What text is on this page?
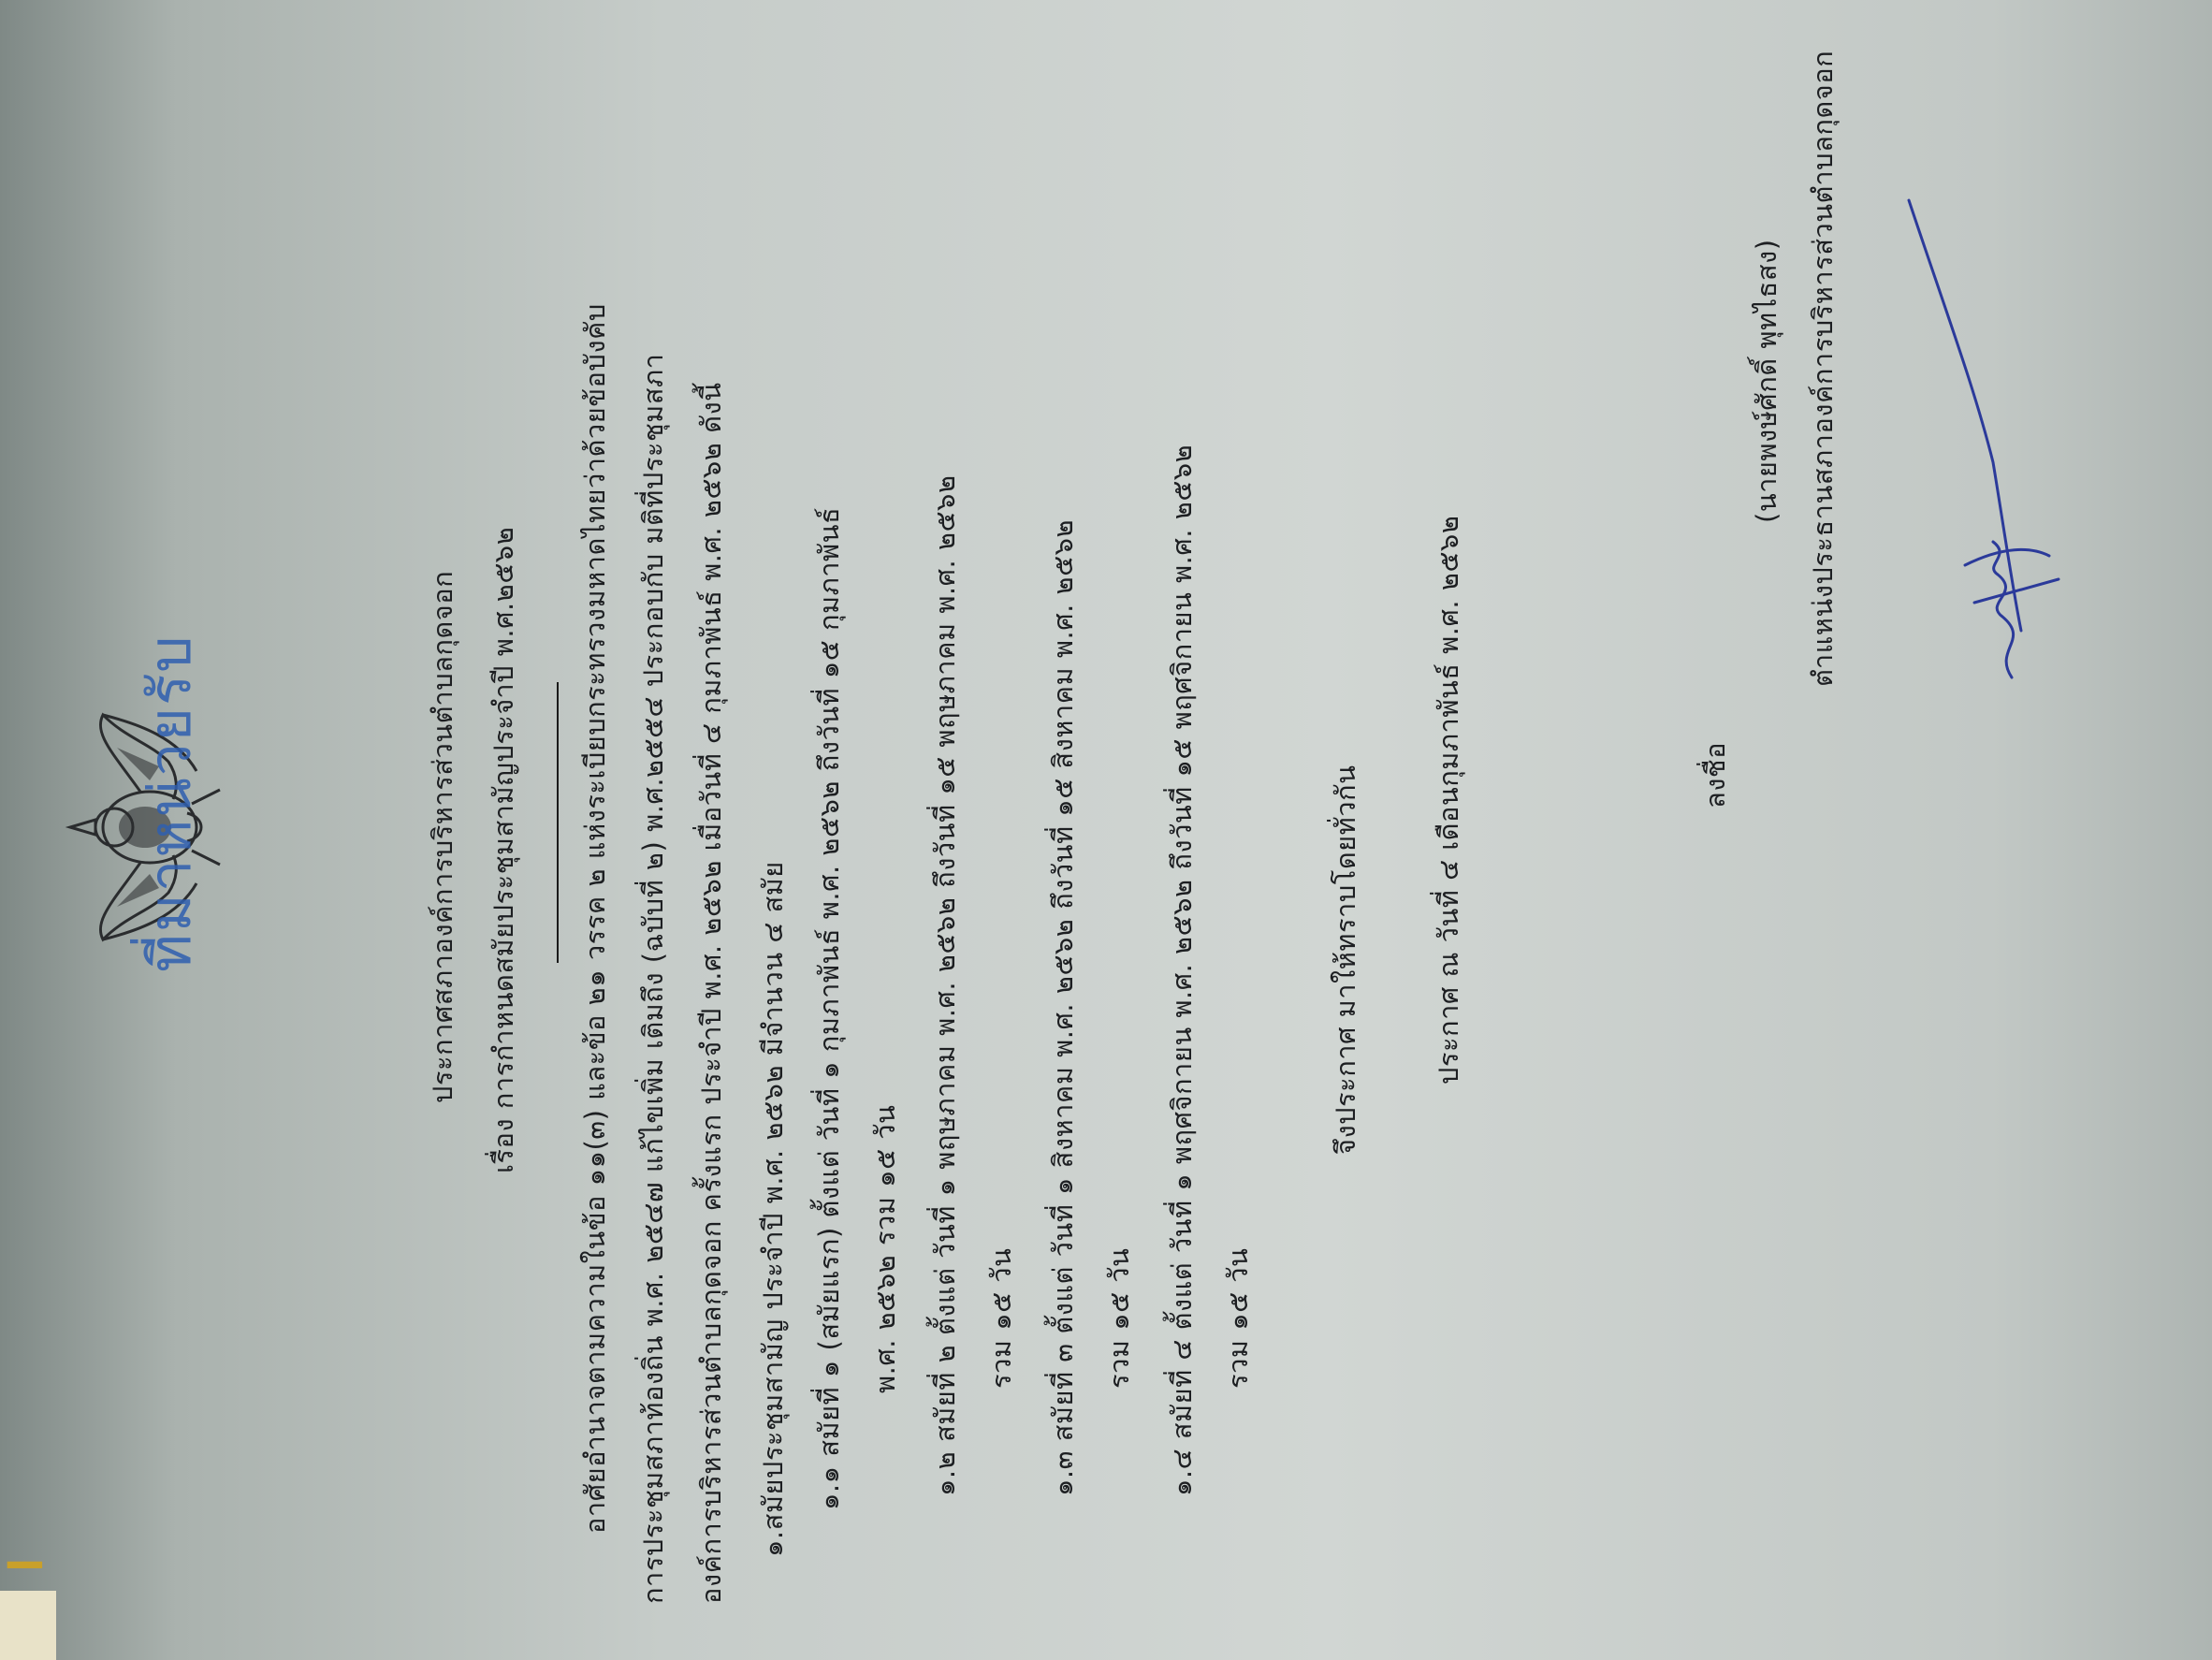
ที่มาหน่วยรับ	ประกาศสภาองค์การบริหารส่วนตำบลกุดจอก เรื่อง การกำหนดสมัยประชุมสามัญประจำปี พ.ศ.๒๕๖๒ อาศัยอำนาจตามความในข้อ ๑๑(๓) และข้อ ๒๑ วรรค ๒ แห่งระเบียบกระทรวงมหาดไทยว่าด้วยข้อบังคับ การประชุมสภาท้องถิ่น พ.ศ. ๒๕๔๗ แก้ไขเพิ่ม เติมถึง (ฉบับที่ ๒) พ.ศ.๒๕๕๔ ประกอบกับ มติที่ประชุมสภา องค์การบริหารส่วนตำบลกุดจอก ครั้งแรก ประจำปี พ.ศ. ๒๕๖๒ เมื่อวันที่ ๔ กุมภาพันธ์ พ.ศ. ๒๕๖๒ ดังนี้ ๑.สมัยประชุมสามัญ ประจำปี พ.ศ. ๒๕๖๒ มีจำนวน ๔ สมัย ๑.๑ สมัยที่ ๑ (สมัยแรก) ตั้งแต่ วันที่ ๑ กุมภาพันธ์ พ.ศ. ๒๕๖๒ ถึงวันที่ ๑๕ กุมภาพันธ์ พ.ศ. ๒๕๖๒ รวม ๑๕ วัน ๑.๒ สมัยที่ ๒ ตั้งแต่ วันที่ ๑ พฤษภาคม พ.ศ. ๒๕๖๒ ถึงวันที่ ๑๕ พฤษภาคม พ.ศ. ๒๕๖๒ รวม ๑๕ วัน ๑.๓ สมัยที่ ๓ ตั้งแต่ วันที่ ๑ สิงหาคม พ.ศ. ๒๕๖๒ ถึงวันที่ ๑๕ สิงหาคม พ.ศ. ๒๕๖๒ รวม ๑๕ วัน ๑.๔ สมัยที่ ๔ ตั้งแต่ วันที่ ๑ พฤศจิกายน พ.ศ. ๒๕๖๒ ถึงวันที่ ๑๕ พฤศจิกายน พ.ศ. ๒๕๖๒ รวม ๑๕ วัน
จึงประกาศ มาให้ทราบโดยทั่วกัน	ประกาศ ณ วันที่ ๔ เดือนกุมภาพันธ์ พ.ศ. ๒๕๖๒	ลงชื่อ
(นายพงษ์ศักดิ์ พุทไธสง) ตำแหน่งประธานสภาองค์การบริหารส่วนตำบลกุดจอก
▂▂
